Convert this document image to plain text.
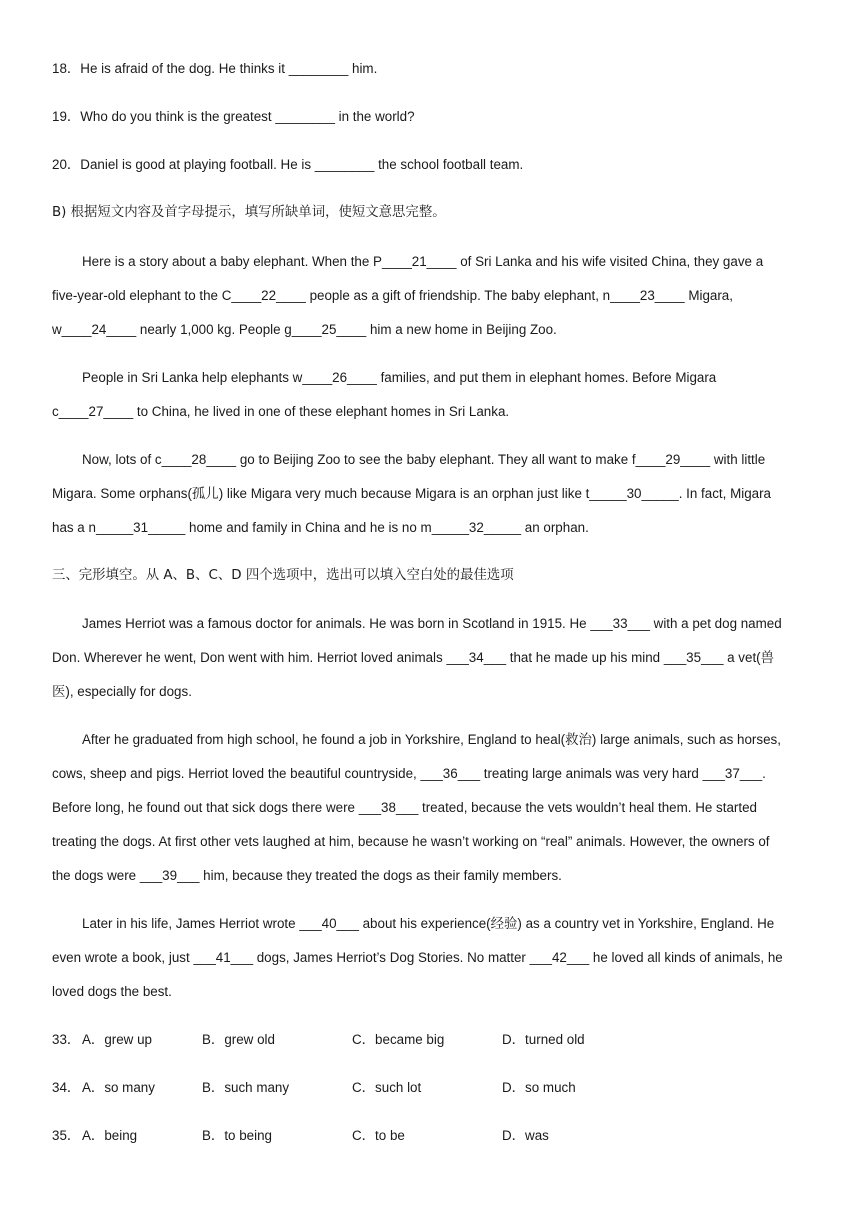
18．He is afraid of the dog. He thinks it ________ him.
19．Who do you think is the greatest ________ in the world?
20．Daniel is good at playing football. He is ________ the school football team.
B) 根据短文内容及首字母提示，填写所缺单词，使短文意思完整。
Here is a story about a baby elephant. When the P____21____ of Sri Lanka and his wife visited China, they gave a
five-year-old elephant to the C____22____ people as a gift of friendship. The baby elephant, n____23____ Migara,
w____24____ nearly 1,000 kg. People g____25____ him a new home in Beijing Zoo.
People in Sri Lanka help elephants w____26____ families, and put them in elephant homes. Before Migara
c____27____ to China, he lived in one of these elephant homes in Sri Lanka.
Now, lots of c____28____ go to Beijing Zoo to see the baby elephant. They all want to make f____29____ with little
Migara. Some orphans(孤儿) like Migara very much because Migara is an orphan just like t_____30_____. In fact, Migara
has a n_____31_____ home and family in China and he is no m_____32_____ an orphan.
三、完形填空。从 A、B、C、D 四个选项中，选出可以填入空白处的最佳选项
James Herriot was a famous doctor for animals. He was born in Scotland in 1915. He ___33___ with a pet dog named
Don. Wherever he went, Don went with him. Herriot loved animals ___34___ that he made up his mind ___35___ a vet(兽
医), especially for dogs.
After he graduated from high school, he found a job in Yorkshire, England to heal(救治) large animals, such as horses,
cows, sheep and pigs. Herriot loved the beautiful countryside, ___36___ treating large animals was very hard ___37___.
Before long, he found out that sick dogs there were ___38___ treated, because the vets wouldn’t heal them. He started
treating the dogs. At first other vets laughed at him, because he wasn’t working on “real” animals. However, the owners of
the dogs were ___39___ him, because they treated the dogs as their family members.
Later in his life, James Herriot wrote ___40___ about his experience(经验) as a country vet in Yorkshire, England. He
even wrote a book, just ___41___ dogs, James Herriot’s Dog Stories. No matter ___42___ he loved all kinds of animals, he
loved dogs the best.
33． A．grew up	B．grew old	C．became big	D．turned old
34． A．so many	B．such many	C．such lot	D．so much
35． A．being	B．to being	C．to be	D．was
